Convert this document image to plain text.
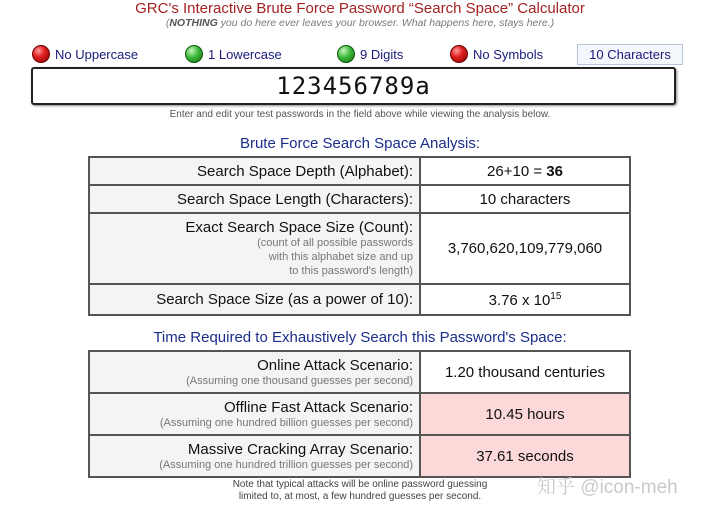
GRC's Interactive Brute Force Password “Search Space” Calculator
(NOTHING you do here ever leaves your browser. What happens here, stays here.)
No Uppercase	1 Lowercase	9 Digits	No Symbols	10 Characters
123456789a
Enter and edit your test passwords in the field above while viewing the analysis below.
Brute Force Search Space Analysis:
Search Space Depth (Alphabet):	26+10 = 36
Search Space Length (Characters):	10 characters

Exact Search Space Size (Count):
(count of all possible passwords
with this alphabet size and up
to this password's length)	3,760,620,109,779,060
Search Space Size (as a power of 10):	3.76 x $10^{15}$
Time Required to Exhaustively Search this Password's Space:
Online Attack Scenario:
(Assuming one thousand guesses per second)	1.20 thousand centuries

Offline Fast Attack Scenario:
(Assuming one hundred billion guesses per second)	10.45 hours

Massive Cracking Array Scenario:
(Assuming one hundred trillion guesses per second)	37.61 seconds
Note that typical attacks will be online password guessing
limited to, at most, a few hundred guesses per second.	知乎 @icon-meh
